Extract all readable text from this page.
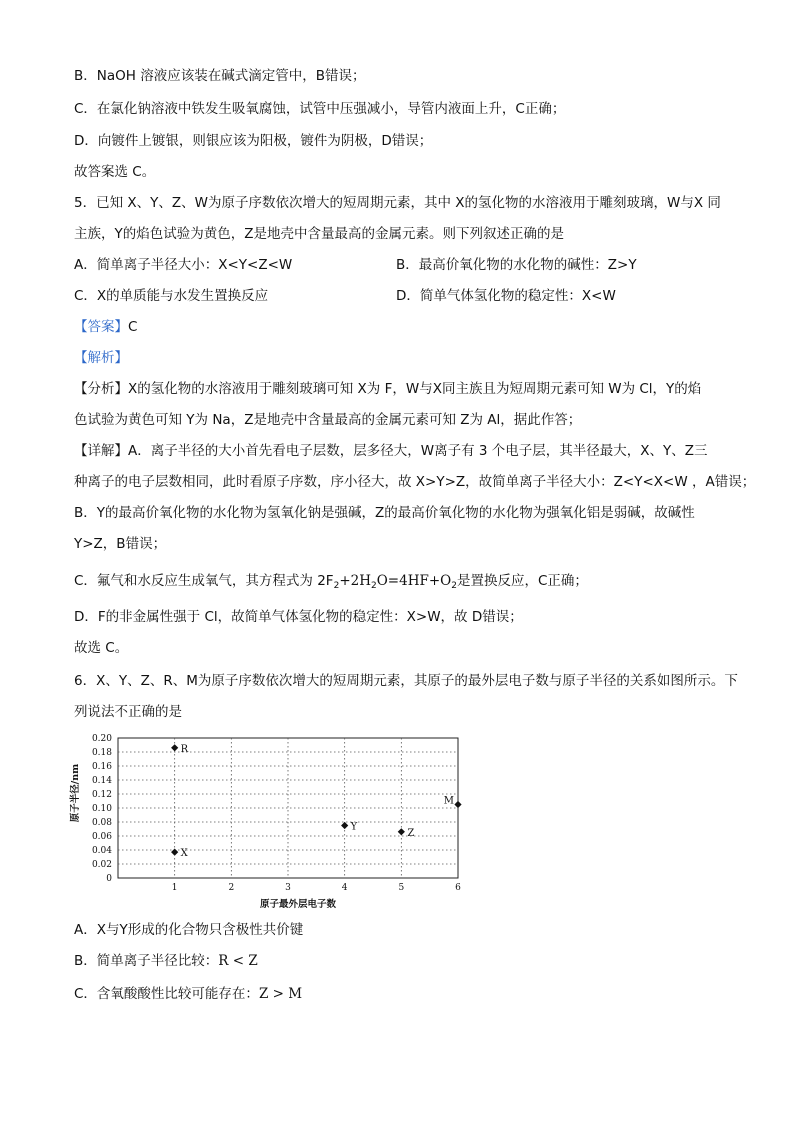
B．NaOH 溶液应该装在碱式滴定管中，B错误；
C．在氯化钠溶液中铁发生吸氧腐蚀，试管中压强减小，导管内液面上升，C正确；
D．向镀件上镀银，则银应该为阳极，镀件为阴极，D错误；
故答案选 C。
5．已知 X、Y、Z、W为原子序数依次增大的短周期元素，其中 X的氢化物的水溶液用于雕刻玻璃，W与X 同
主族，Y的焰色试验为黄色，Z是地壳中含量最高的金属元素。则下列叙述正确的是
A．简单离子半径大小：X<Y<Z<W	B．最高价氧化物的水化物的碱性：Z>Y
C．X的单质能与水发生置换反应	D．简单气体氢化物的稳定性：X<W
【答案】C
【解析】
【分析】X的氢化物的水溶液用于雕刻玻璃可知 X为 F，W与X同主族且为短周期元素可知 W为 Cl，Y的焰
色试验为黄色可知 Y为 Na，Z是地壳中含量最高的金属元素可知 Z为 Al，据此作答；
【详解】A．离子半径的大小首先看电子层数，层多径大，W离子有 3 个电子层，其半径最大，X、Y、Z三
种离子的电子层数相同，此时看原子序数，序小径大，故 X>Y>Z，故简单离子半径大小：Z<Y<X<W ，A错误；
B．Y的最高价氧化物的水化物为氢氧化钠是强碱，Z的最高价氧化物的水化物为强氧化铝是弱碱，故碱性
Y>Z，B错误；
C．氟气和水反应生成氧气，其方程式为 $2F_2+2H_2O=4HF+O_2$是置换反应，C正确；
D．F的非金属性强于 Cl，故简单气体氢化物的稳定性：X>W，故 D错误；
故选 C。
6．X、Y、Z、R、M为原子序数依次增大的短周期元素，其原子的最外层电子数与原子半径的关系如图所示。下
列说法不正确的是
0
0.02
0.04
0.06
0.08
0.10
0.12
0.14
0.16
0.18
0.20
1	2	3	4	5	6
原子最外层电子数
原子半径/nm
R
X
Y
Z
M
A．X与Y形成的化合物只含极性共价键
B．简单离子半径比较：R < Z
C．含氧酸酸性比较可能存在：Z > M
